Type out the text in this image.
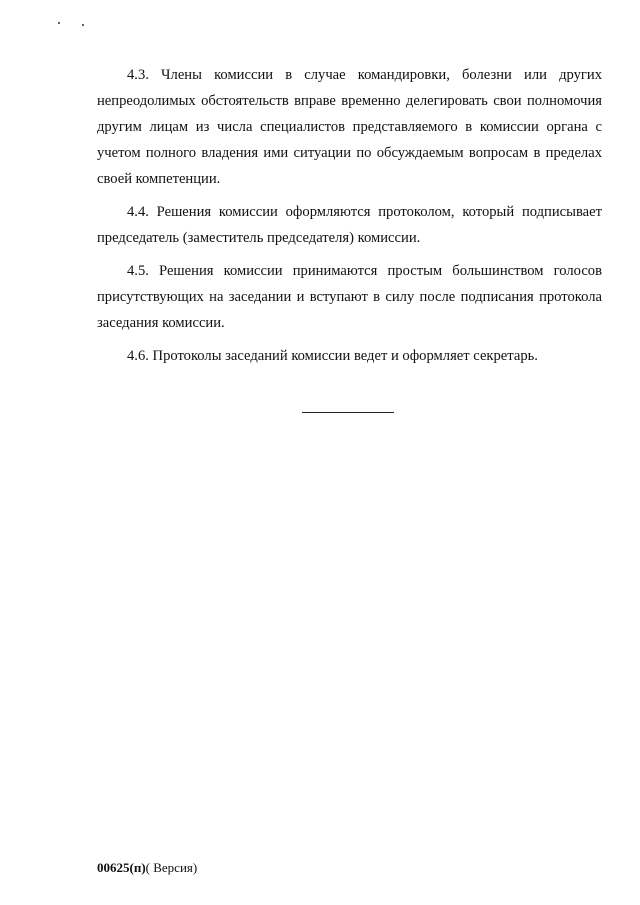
4.3. Члены комиссии в случае командировки, болезни или других непреодолимых обстоятельств вправе временно делегировать свои полномочия другим лицам из числа специалистов представляемого в комиссии органа с учетом полного владения ими ситуации по обсуждаемым вопросам в пределах своей компетенции.

4.4. Решения комиссии оформляются протоколом, который подписывает председатель (заместитель председателя) комиссии.

4.5. Решения комиссии принимаются простым большинством голосов присутствующих на заседании и вступают в силу после подписания протокола заседания комиссии.

4.6. Протоколы заседаний комиссии ведет и оформляет секретарь.

00625(п)( Версия)
